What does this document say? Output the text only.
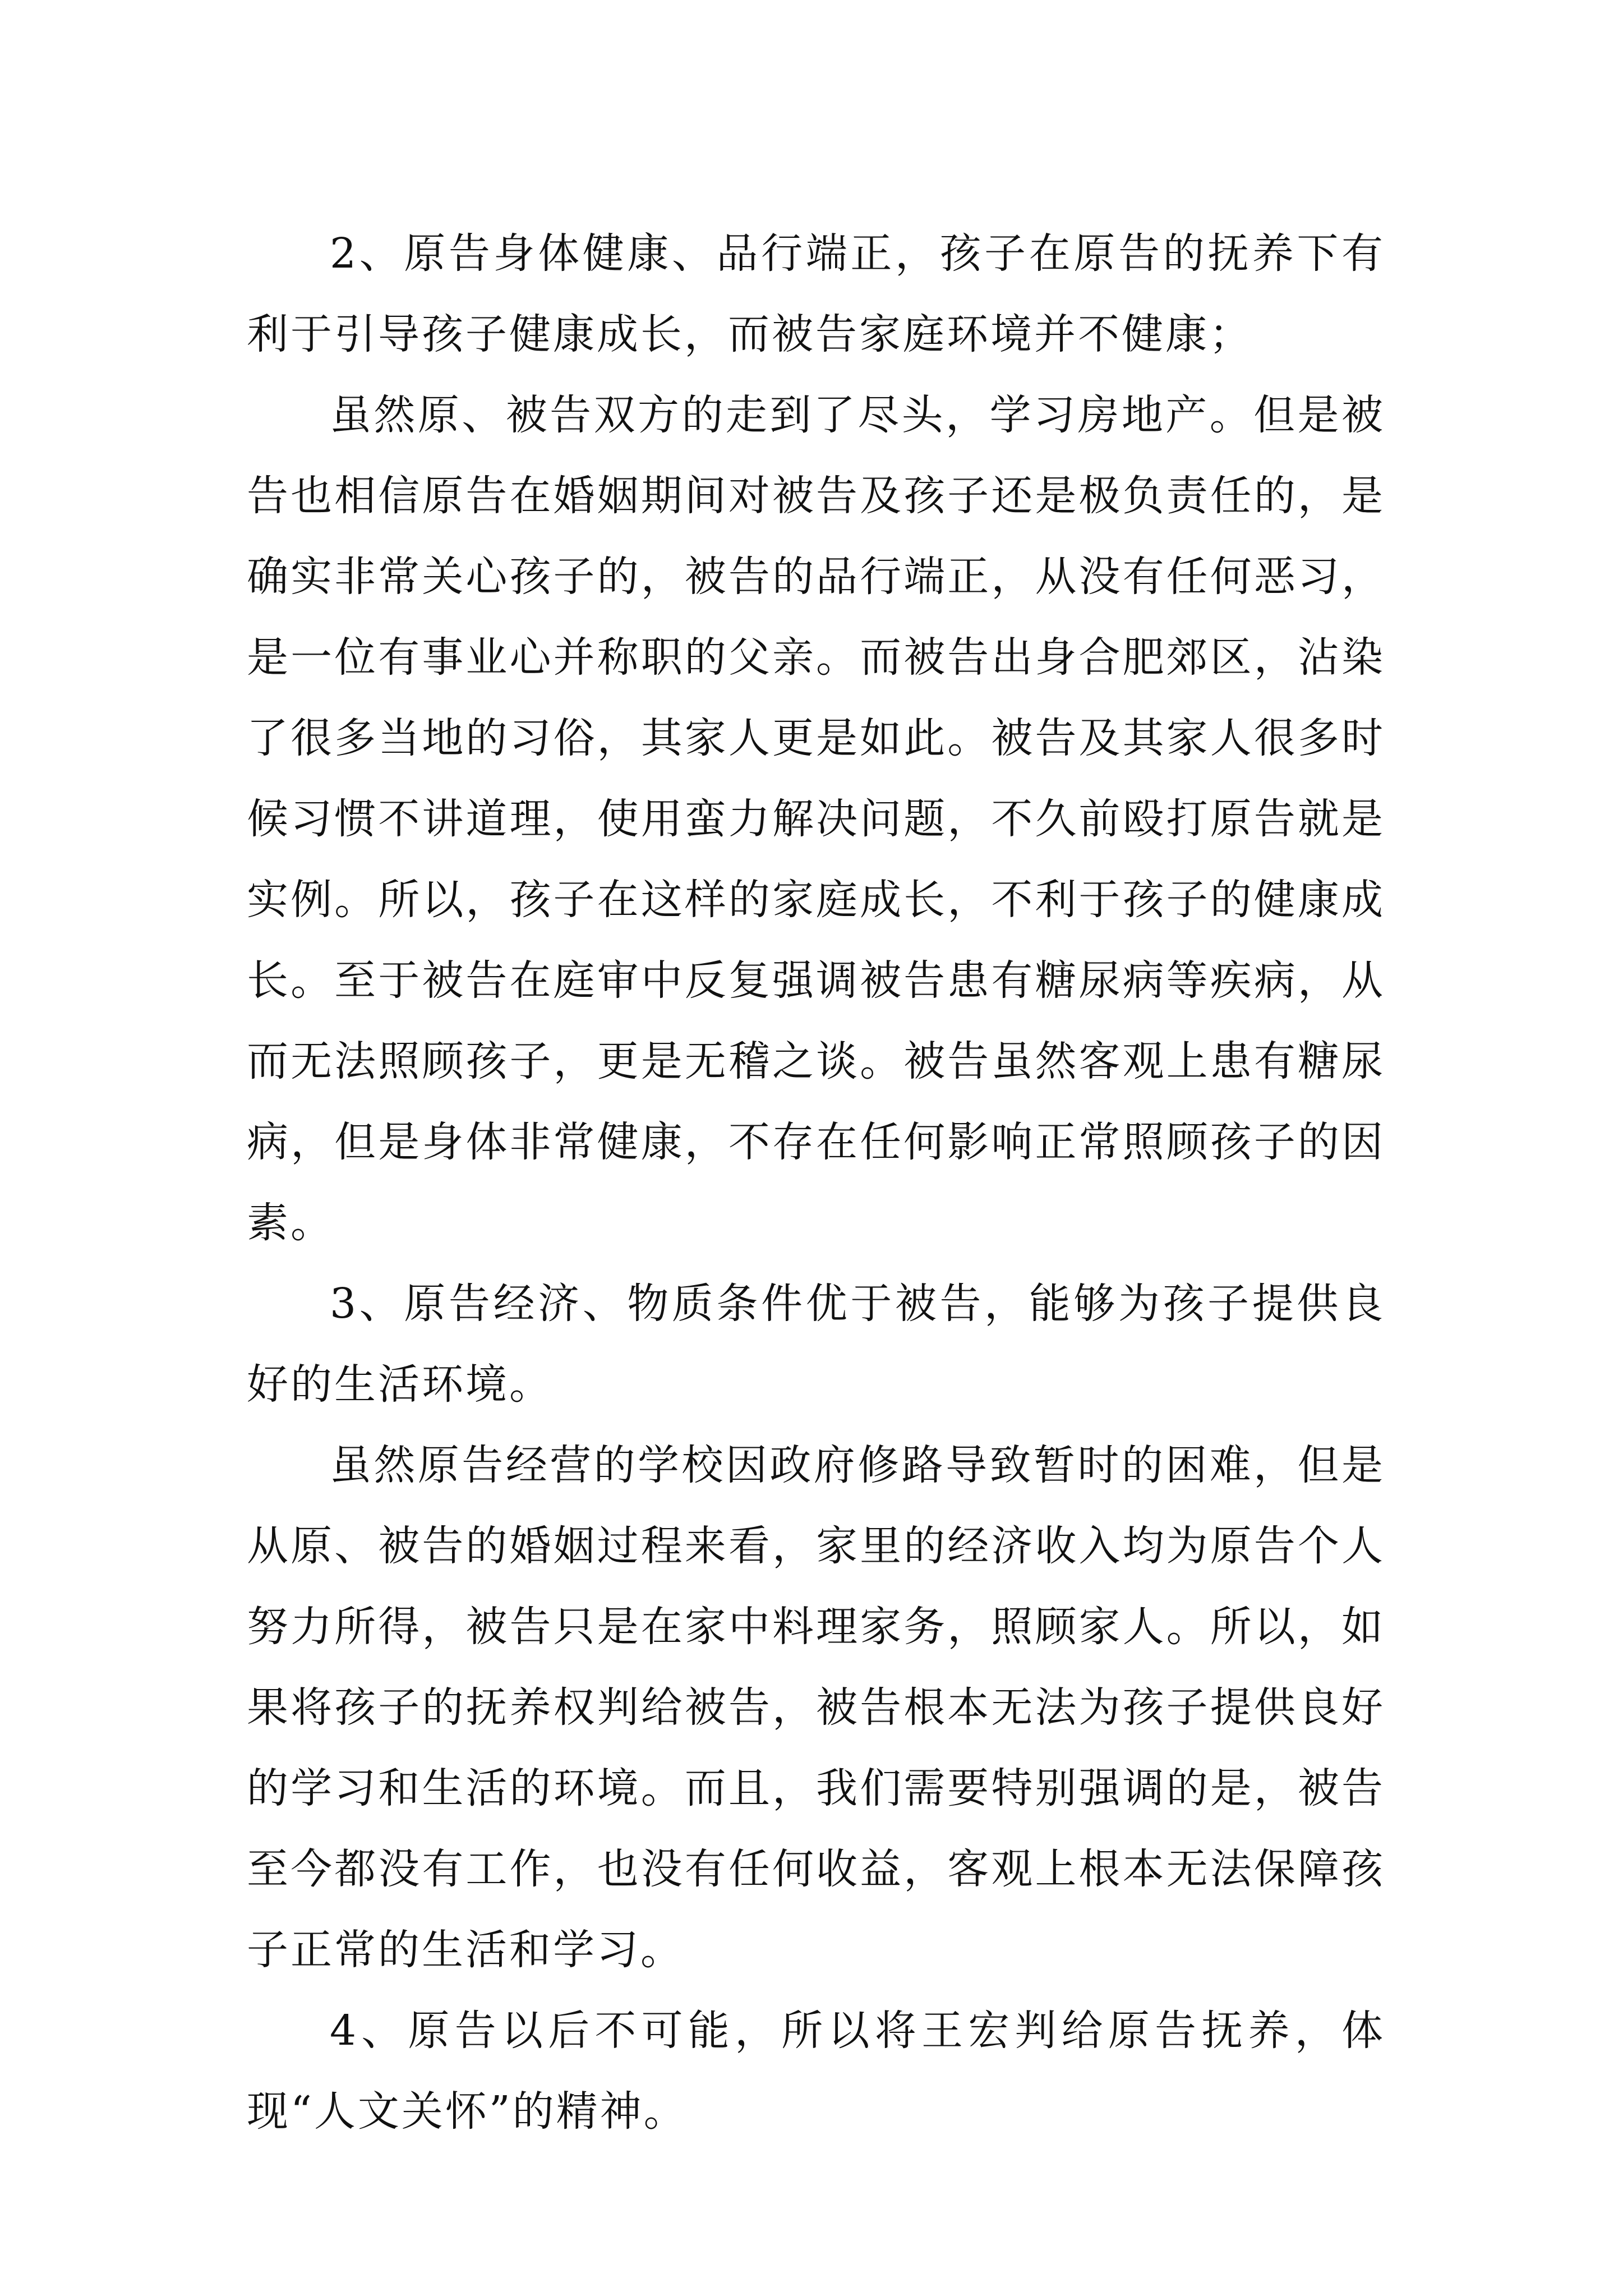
2、原告身体健康、品行端正，孩子在原告的抚养下有利于引导孩子健康成长，而被告家庭环境并不健康；

虽然原、被告双方的走到了尽头，学习房地产。但是被告也相信原告在婚姻期间对被告及孩子还是极负责任的，是确实非常关心孩子的，被告的品行端正，从没有任何恶习，是一位有事业心并称职的父亲。而被告出身合肥郊区，沾染了很多当地的习俗，其家人更是如此。被告及其家人很多时候习惯不讲道理，使用蛮力解决问题，不久前殴打原告就是实例。所以，孩子在这样的家庭成长，不利于孩子的健康成长。至于被告在庭审中反复强调被告患有糖尿病等疾病，从而无法照顾孩子，更是无稽之谈。被告虽然客观上患有糖尿病，但是身体非常健康，不存在任何影响正常照顾孩子的因素。

3、原告经济、物质条件优于被告，能够为孩子提供良好的生活环境。

虽然原告经营的学校因政府修路导致暂时的困难，但是从原、被告的婚姻过程来看，家里的经济收入均为原告个人努力所得，被告只是在家中料理家务，照顾家人。所以，如果将孩子的抚养权判给被告，被告根本无法为孩子提供良好的学习和生活的环境。而且，我们需要特别强调的是，被告至今都没有工作，也没有任何收益，客观上根本无法保障孩子正常的生活和学习。

4、原告以后不可能，所以将王宏判给原告抚养，体现“人文关怀”的精神。
